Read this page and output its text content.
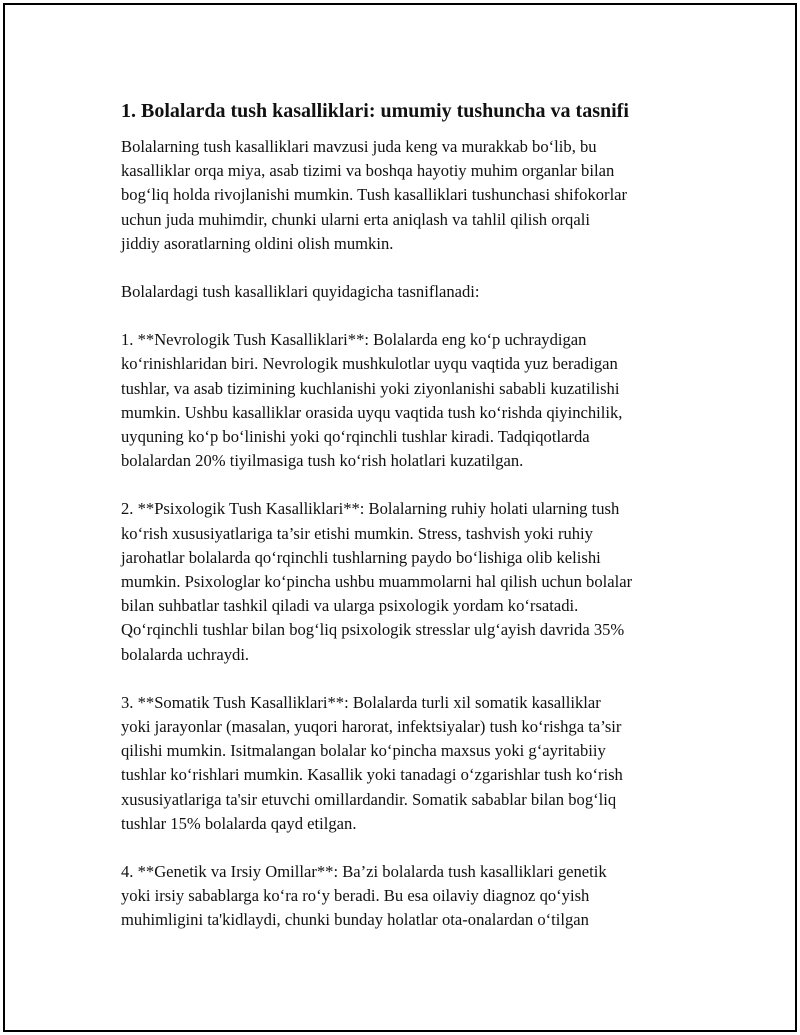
1. Bolalarda tush kasalliklari: umumiy tushuncha va tasnifi

Bolalarning tush kasalliklari mavzusi juda keng va murakkab bo‘lib, bu
kasalliklar orqa miya, asab tizimi va boshqa hayotiy muhim organlar bilan
bog‘liq holda rivojlanishi mumkin. Tush kasalliklari tushunchasi shifokorlar
uchun juda muhimdir, chunki ularni erta aniqlash va tahlil qilish orqali
jiddiy asoratlarning oldini olish mumkin.

Bolalardagi tush kasalliklari quyidagicha tasniflanadi:

1. **Nevrologik Tush Kasalliklari**: Bolalarda eng ko‘p uchraydigan
ko‘rinishlaridan biri. Nevrologik mushkulotlar uyqu vaqtida yuz beradigan
tushlar, va asab tizimining kuchlanishi yoki ziyonlanishi sababli kuzatilishi
mumkin. Ushbu kasalliklar orasida uyqu vaqtida tush ko‘rishda qiyinchilik,
uyquning ko‘p bo‘linishi yoki qo‘rqinchli tushlar kiradi. Tadqiqotlarda
bolalardan 20% tiyilmasiga tush ko‘rish holatlari kuzatilgan.

2. **Psixologik Tush Kasalliklari**: Bolalarning ruhiy holati ularning tush
ko‘rish xususiyatlariga ta’sir etishi mumkin. Stress, tashvish yoki ruhiy
jarohatlar bolalarda qo‘rqinchli tushlarning paydo bo‘lishiga olib kelishi
mumkin. Psixologlar ko‘pincha ushbu muammolarni hal qilish uchun bolalar
bilan suhbatlar tashkil qiladi va ularga psixologik yordam ko‘rsatadi.
Qo‘rqinchli tushlar bilan bog‘liq psixologik stresslar ulg‘ayish davrida 35%
bolalarda uchraydi.

3. **Somatik Tush Kasalliklari**: Bolalarda turli xil somatik kasalliklar
yoki jarayonlar (masalan, yuqori harorat, infektsiyalar) tush ko‘rishga ta’sir
qilishi mumkin. Isitmalangan bolalar ko‘pincha maxsus yoki g‘ayritabiiy
tushlar ko‘rishlari mumkin. Kasallik yoki tanadagi o‘zgarishlar tush ko‘rish
xususiyatlariga ta'sir etuvchi omillardandir. Somatik sabablar bilan bog‘liq
tushlar 15% bolalarda qayd etilgan.

4. **Genetik va Irsiy Omillar**: Ba’zi bolalarda tush kasalliklari genetik
yoki irsiy sabablarga ko‘ra ro‘y beradi. Bu esa oilaviy diagnoz qo‘yish
muhimligini ta'kidlaydi, chunki bunday holatlar ota-onalardan o‘tilgan
